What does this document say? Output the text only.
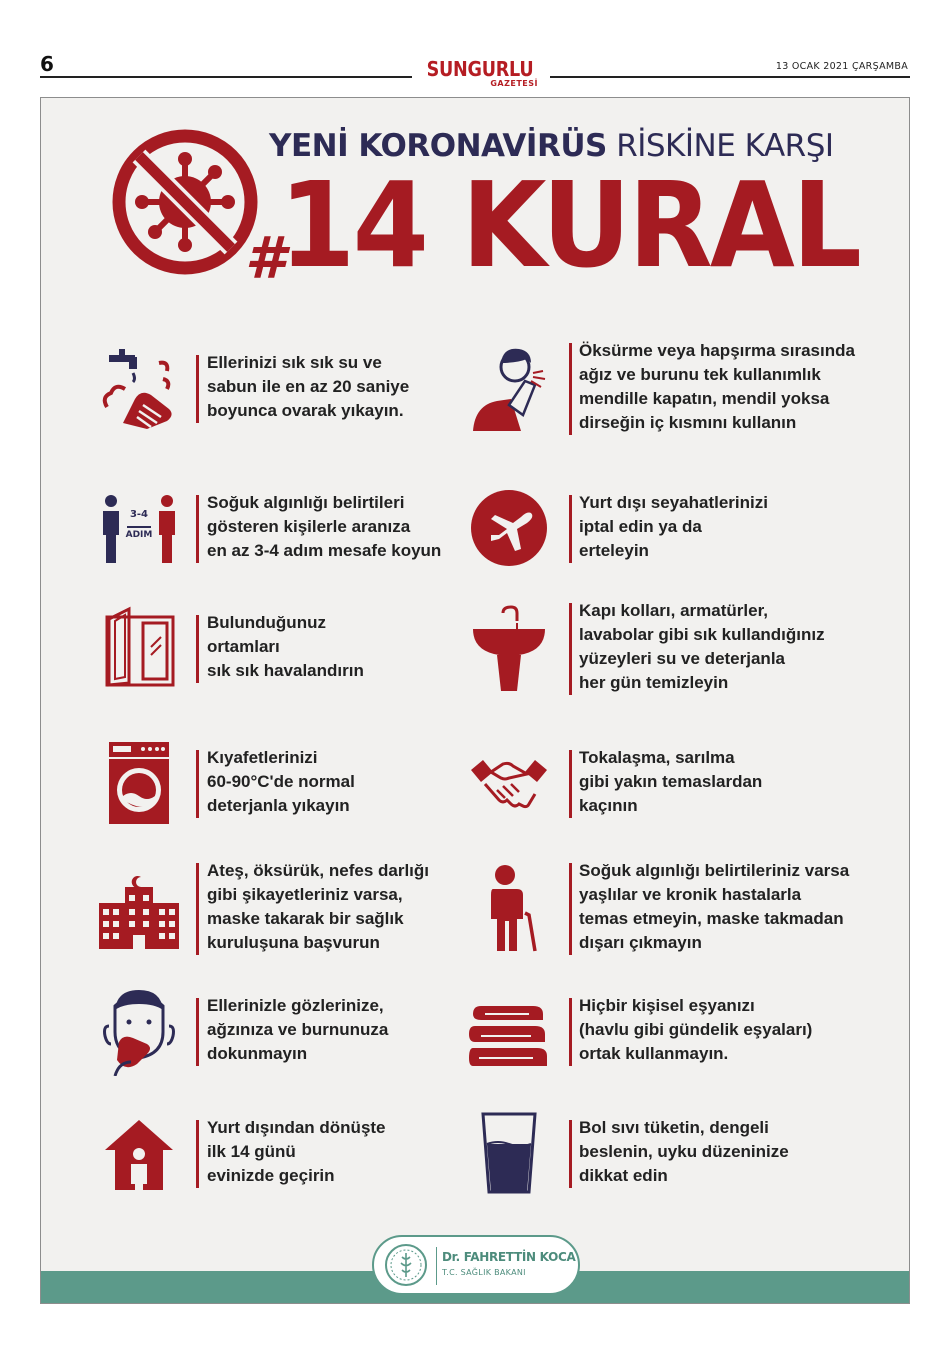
6	SUNGURLU
GAZETESİ
13 OCAK 2021 ÇARŞAMBA
YENİ KORONAVİRÜS RİSKİNE KARŞI
#
14 KURAL
Ellerinizi sık sık su ve
sabun ile en az 20 saniye
boyunca ovarak yıkayın.
Öksürme veya hapşırma sırasında
ağız ve burunu tek kullanımlık
mendille kapatın, mendil yoksa
dirseğin iç kısmını kullanın
3-4
ADIM
Soğuk algınlığı belirtileri
gösteren kişilerle aranıza
en az 3-4 adım mesafe koyun
Yurt dışı seyahatlerinizi
iptal edin ya da
erteleyin
Bulunduğunuz
ortamları
sık sık havalandırın
Kapı kolları, armatürler,
lavabolar gibi sık kullandığınız
yüzeyleri su ve deterjanla
her gün temizleyin
Kıyafetlerinizi
60-90°C'de normal
deterjanla yıkayın
Tokalaşma, sarılma
gibi yakın temaslardan
kaçının
Ateş, öksürük, nefes darlığı
gibi şikayetleriniz varsa,
maske takarak bir sağlık
kuruluşuna başvurun
Soğuk algınlığı belirtileriniz varsa
yaşlılar ve kronik hastalarla
temas etmeyin, maske takmadan
dışarı çıkmayın
Ellerinizle gözlerinize,
ağzınıza ve burnunuza
dokunmayın
Hiçbir kişisel eşyanızı
(havlu gibi gündelik eşyaları)
ortak kullanmayın.
Yurt dışından dönüşte
ilk 14 günü
evinizde geçirin
Bol sıvı tüketin, dengeli
beslenin, uyku düzeninize
dikkat edin
Dr. FAHRETTİN KOCA
T.C. SAĞLIK BAKANI
